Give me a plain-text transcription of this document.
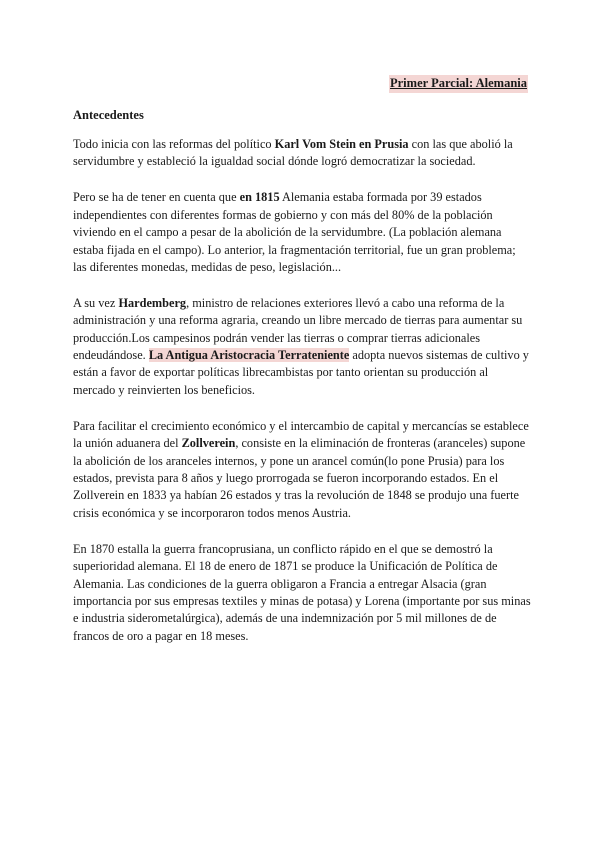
Primer Parcial: Alemania
Antecedentes

Todo inicia con las reformas del político Karl Vom Stein en Prusia con las que abolió la servidumbre y estableció la igualdad social dónde logró democratizar la sociedad.

Pero se ha de tener en cuenta que en 1815 Alemania estaba formada por 39 estados independientes con diferentes formas de gobierno y con más del 80% de la población viviendo en el campo a pesar de la abolición de la servidumbre. (La población alemana estaba fijada en el campo). Lo anterior, la fragmentación territorial, fue un gran problema; las diferentes monedas, medidas de peso, legislación...

A su vez Hardemberg, ministro de relaciones exteriores llevó a cabo una reforma de la administración y una reforma agraria, creando un libre mercado de tierras para aumentar su producción.Los campesinos podrán vender las tierras o comprar tierras adicionales endeudándose. La Antigua Aristocracia Terrateniente adopta nuevos sistemas de cultivo y están a favor de exportar políticas librecambistas por tanto orientan su producción al mercado y reinvierten los beneficios.

Para facilitar el crecimiento económico y el intercambio de capital y mercancías se establece la unión aduanera del Zollverein, consiste en la eliminación de fronteras (aranceles) supone la abolición de los aranceles internos, y pone un arancel común(lo pone Prusia) para los estados, prevista para 8 años y luego prorrogada se fueron incorporando estados. En el Zollverein en 1833 ya habían 26 estados y tras la revolución de 1848 se produjo una fuerte crisis económica y se incorporaron todos menos Austria.

En 1870 estalla la guerra francoprusiana, un conflicto rápido en el que se demostró la superioridad alemana. El 18 de enero de 1871 se produce la Unificación de Política de Alemania. Las condiciones de la guerra obligaron a Francia a entregar Alsacia (gran importancia por sus empresas textiles y minas de potasa) y Lorena (importante por sus minas e industria siderometalúrgica), además de una indemnización por 5 mil millones de de francos de oro a pagar en 18 meses.
